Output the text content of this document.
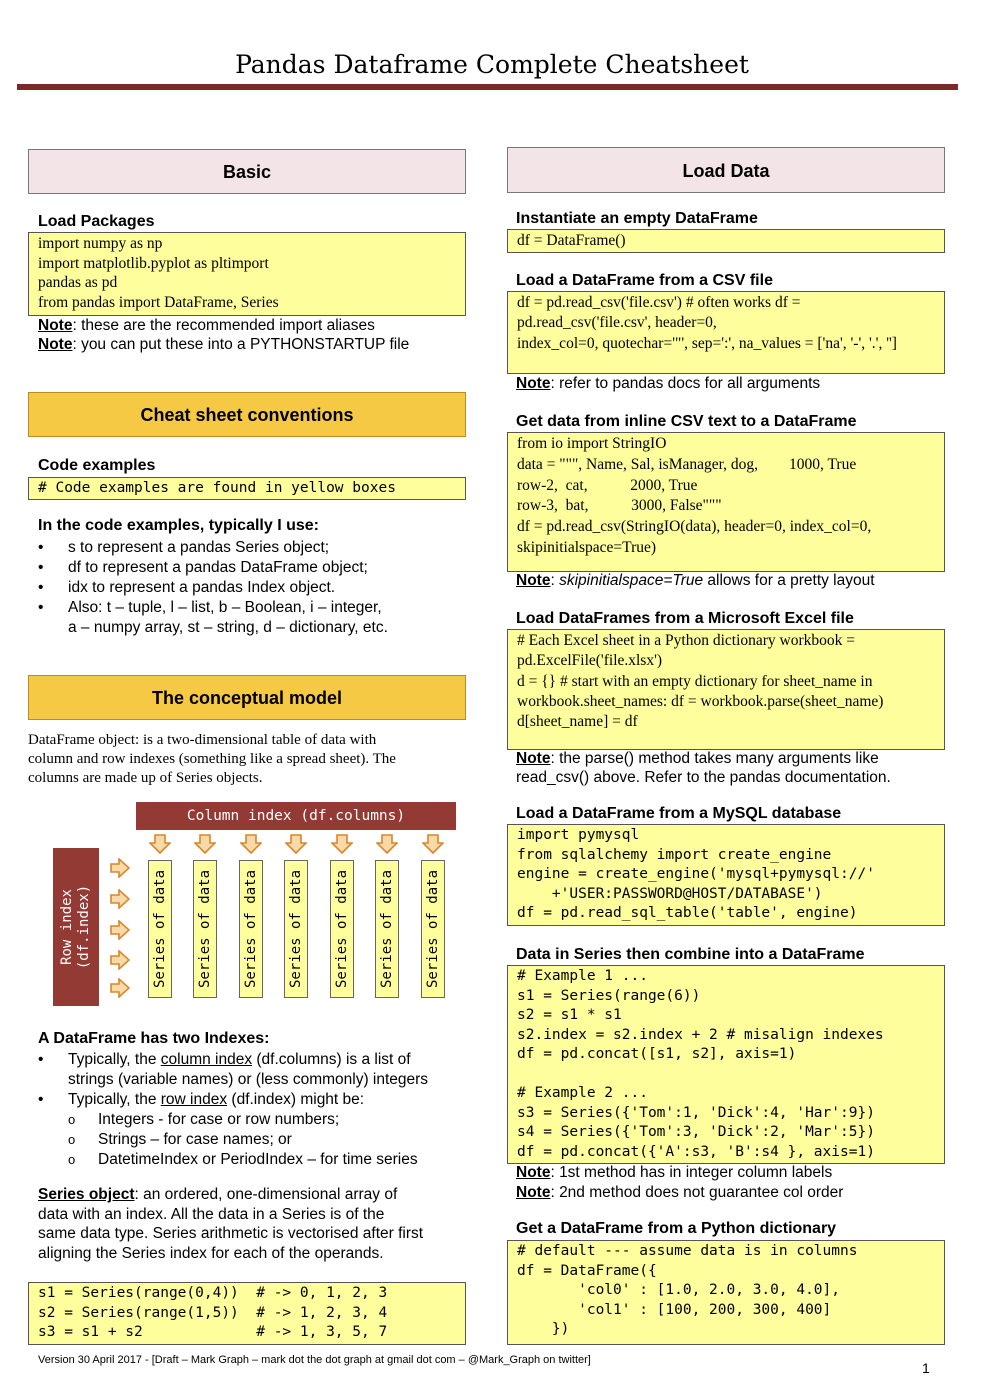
Pandas Dataframe Complete Cheatsheet
Basic
Load Packages
import numpy as np
import matplotlib.pyplot as pltimport
pandas as pd
from pandas import DataFrame, Series
Note: these are the recommended import aliases
Note: you can put these into a PYTHONSTARTUP file
Cheat sheet conventions
Code examples
# Code examples are found in yellow boxes
In the code examples, typically I use:
• s to represent a pandas Series object;
• df to represent a pandas DataFrame object;
• idx to represent a pandas Index object.
• Also: t – tuple, l – list, b – Boolean, i – integer,
a – numpy array, st – string, d – dictionary, etc.
The conceptual model
DataFrame object: is a two-dimensional table of data with
column and row indexes (something like a spread sheet). The
columns are made up of Series objects.
Column index (df.columns)
Row index
(df.index)	Series of data Series of data Series of data Series of data Series of data Series of data Series of data
A DataFrame has two Indexes:
• Typically, the column index (df.columns) is a list of
strings (variable names) or (less commonly) integers
• Typically, the row index (df.index) might be:
o Integers - for case or row numbers;
o Strings – for case names; or
o DatetimeIndex or PeriodIndex – for time series
Series object: an ordered, one-dimensional array of
data with an index. All the data in a Series is of the
same data type. Series arithmetic is vectorised after first
aligning the Series index for each of the operands.
s1 = Series(range(0,4))  # -> 0, 1, 2, 3
s2 = Series(range(1,5))  # -> 1, 2, 3, 4
s3 = s1 + s2             # -> 1, 3, 5, 7
Load Data
Instantiate an empty DataFrame
df = DataFrame()
Load a DataFrame from a CSV file
df = pd.read_csv('file.csv') # often works df =
pd.read_csv('file.csv', header=0,
index_col=0, quotechar='"', sep=':', na_values = ['na', '-', '.', '']
Note: refer to pandas docs for all arguments
Get data from inline CSV text to a DataFrame
from io import StringIO
data = """, Name, Sal, isManager, dog,        1000, True
row-2,  cat,           2000, True
row-3,  bat,           3000, False"""
df = pd.read_csv(StringIO(data), header=0, index_col=0,
skipinitialspace=True)
Note: skipinitialspace=True allows for a pretty layout
Load DataFrames from a Microsoft Excel file
# Each Excel sheet in a Python dictionary workbook =
pd.ExcelFile('file.xlsx')
d = {} # start with an empty dictionary for sheet_name in
workbook.sheet_names: df = workbook.parse(sheet_name)
d[sheet_name] = df
Note: the parse() method takes many arguments like
read_csv() above. Refer to the pandas documentation.
Load a DataFrame from a MySQL database
import pymysql
from sqlalchemy import create_engine
engine = create_engine('mysql+pymysql://'
+'USER:PASSWORD@HOST/DATABASE')
df = pd.read_sql_table('table', engine)
Data in Series then combine into a DataFrame
# Example 1 ...
s1 = Series(range(6))
s2 = s1 * s1
s2.index = s2.index + 2 # misalign indexes
df = pd.concat([s1, s2], axis=1)

# Example 2 ...
s3 = Series({'Tom':1, 'Dick':4, 'Har':9})
s4 = Series({'Tom':3, 'Dick':2, 'Mar':5})
df = pd.concat({'A':s3, 'B':s4 }, axis=1)
Note: 1st method has in integer column labels
Note: 2nd method does not guarantee col order
Get a DataFrame from a Python dictionary
# default --- assume data is in columns
df = DataFrame({
'col0' : [1.0, 2.0, 3.0, 4.0],
'col1' : [100, 200, 300, 400]
})
Version 30 April 2017 - [Draft – Mark Graph – mark dot the dot graph at gmail dot com – @Mark_Graph on twitter]	1
